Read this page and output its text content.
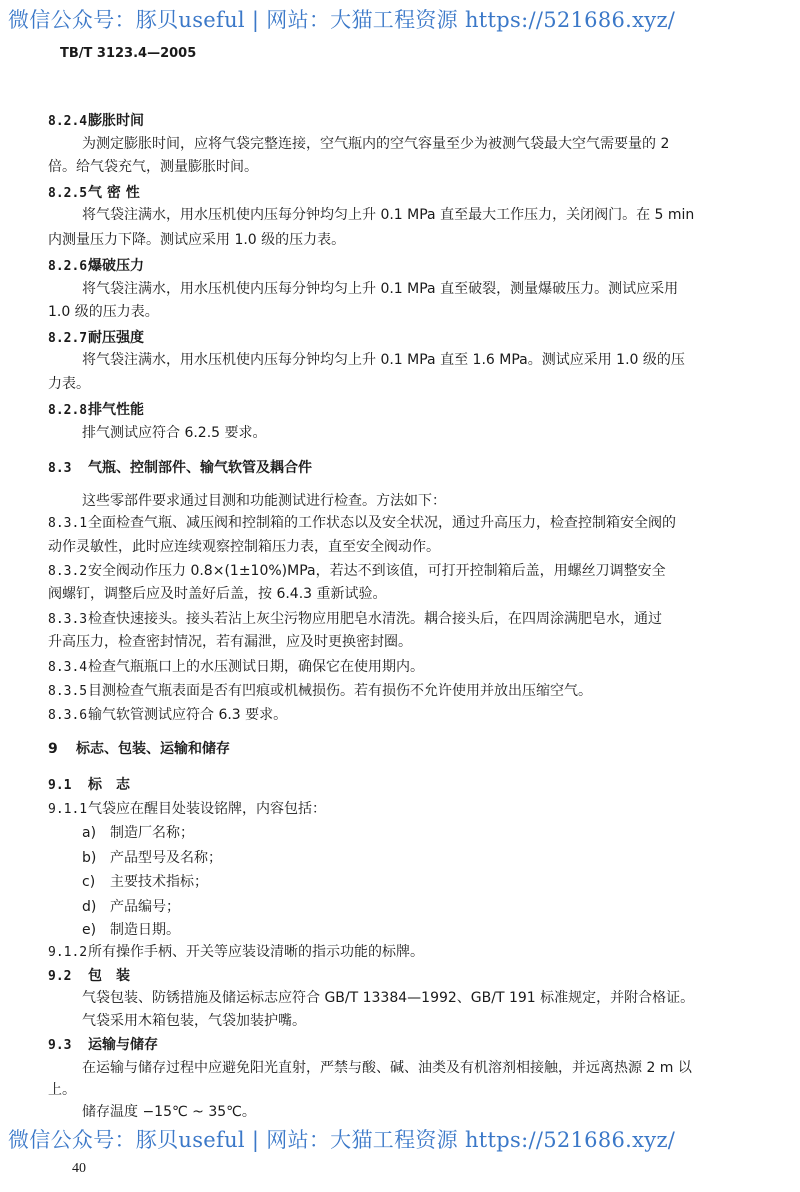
微信公众号：豚贝useful | 网站：大猫工程资源 https://521686.xyz/
TB/T 3123.4—2005
8.2.4膨胀时间
为测定膨胀时间，应将气袋完整连接，空气瓶内的空气容量至少为被测气袋最大空气需要量的 2
倍。给气袋充气，测量膨胀时间。
8.2.5气 密 性
将气袋注满水，用水压机使内压每分钟均匀上升 0.1 MPa 直至最大工作压力，关闭阀门。在 5 min
内测量压力下降。测试应采用 1.0 级的压力表。
8.2.6爆破压力
将气袋注满水，用水压机使内压每分钟均匀上升 0.1 MPa 直至破裂，测量爆破压力。测试应采用
1.0 级的压力表。
8.2.7耐压强度
将气袋注满水，用水压机使内压每分钟均匀上升 0.1 MPa 直至 1.6 MPa。测试应采用 1.0 级的压
力表。
8.2.8排气性能
排气测试应符合 6.2.5 要求。
8.3 气瓶、控制部件、输气软管及耦合件
这些零部件要求通过目测和功能测试进行检查。方法如下：
8.3.1全面检查气瓶、减压阀和控制箱的工作状态以及安全状况，通过升高压力，检查控制箱安全阀的
动作灵敏性，此时应连续观察控制箱压力表，直至安全阀动作。
8.3.2安全阀动作压力 0.8×(1±10%)MPa，若达不到该值，可打开控制箱后盖，用螺丝刀调整安全
阀螺钉，调整后应及时盖好后盖，按 6.4.3 重新试验。
8.3.3检查快速接头。接头若沾上灰尘污物应用肥皂水清洗。耦合接头后，在四周涂满肥皂水，通过
升高压力，检查密封情况，若有漏泄，应及时更换密封圈。
8.3.4检查气瓶瓶口上的水压测试日期，确保它在使用期内。
8.3.5目测检查气瓶表面是否有凹痕或机械损伤。若有损伤不允许使用并放出压缩空气。
8.3.6输气软管测试应符合 6.3 要求。
9 标志、包装、运输和储存
9.1 标　志
9.1.1气袋应在醒目处装设铭牌，内容包括：
a) 制造厂名称；
b) 产品型号及名称；
c) 主要技术指标；
d) 产品编号；
e) 制造日期。
9.1.2所有操作手柄、开关等应装设清晰的指示功能的标牌。
9.2 包　装
气袋包装、防锈措施及储运标志应符合 GB/T 13384—1992、GB/T 191 标准规定，并附合格证。
气袋采用木箱包装，气袋加装护嘴。
9.3 运输与储存
在运输与储存过程中应避免阳光直射，严禁与酸、碱、油类及有机溶剂相接触，并远离热源 2 m 以
上。
储存温度 −15℃ ~ 35℃。
微信公众号：豚贝useful | 网站：大猫工程资源 https://521686.xyz/
40
